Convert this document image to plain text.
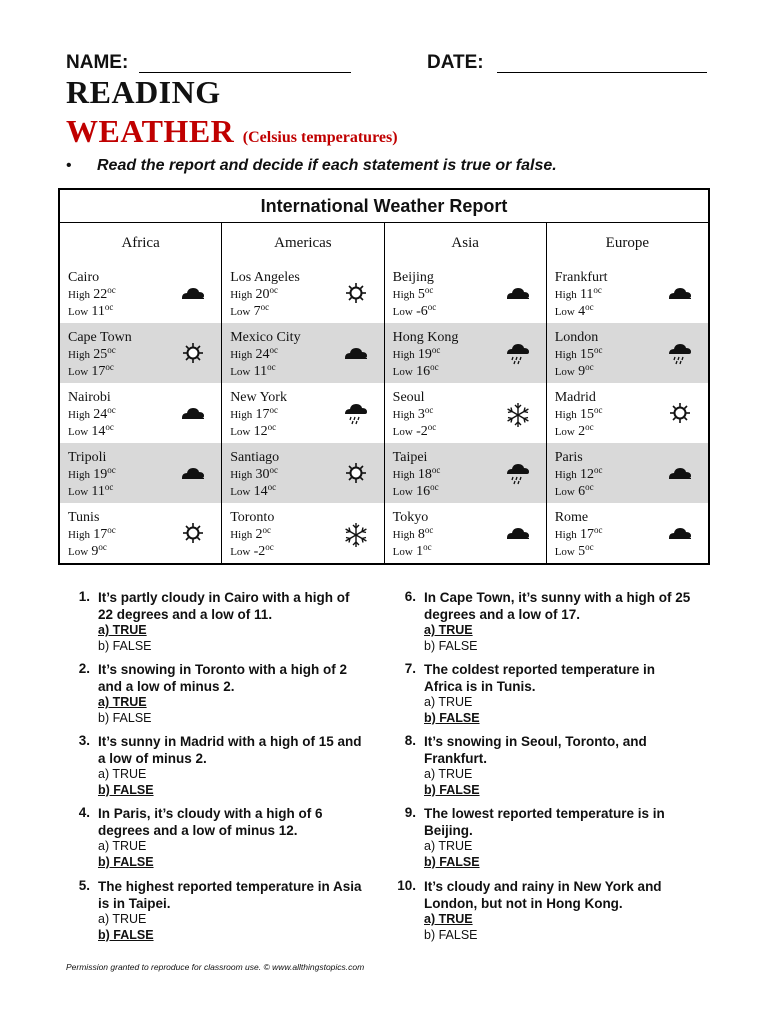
NAME:	DATE:
READING
WEATHER (Celsius temperatures)
• Read the report and decide if each statement is true or false.
International Weather Report			
Africa	Americas	Asia	Europe

Cairo
High $22^{oc}$
Low $11^{oc}$	Los Angeles
High $20^{oc}$
Low $7^{oc}$	Beijing
High $5^{oc}$
Low $-6^{oc}$	Frankfurt
High $11^{oc}$
Low $4^{oc}$

Cape Town
High $25^{oc}$
Low $17^{oc}$	Mexico City
High $24^{oc}$
Low $11^{oc}$	Hong Kong
High $19^{oc}$
Low $16^{oc}$	London
High $15^{oc}$
Low $9^{oc}$

Nairobi
High $24^{oc}$
Low $14^{oc}$	New York
High $17^{oc}$
Low $12^{oc}$	Seoul
High $3^{oc}$
Low $-2^{oc}$	Madrid
High $15^{oc}$
Low $2^{oc}$

Tripoli
High $19^{oc}$
Low $11^{oc}$	Santiago
High $30^{oc}$
Low $14^{oc}$	Taipei
High $18^{oc}$
Low $16^{oc}$	Paris
High $12^{oc}$
Low $6^{oc}$

Tunis
High $17^{oc}$
Low $9^{oc}$	Toronto
High $2^{oc}$
Low $-2^{oc}$	Tokyo
High $8^{oc}$
Low $1^{oc}$	Rome
High $17^{oc}$
Low $5^{oc}$
1. It’s partly cloudy in Cairo with a high of 22 degrees and a low of 11.
a) TRUE
b) FALSE
2. It’s snowing in Toronto with a high of 2 and a low of minus 2.
a) TRUE
b) FALSE
3. It’s sunny in Madrid with a high of 15 and a low of minus 2.
a) TRUE
b) FALSE
4. In Paris, it’s cloudy with a high of 6 degrees and a low of minus 12.
a) TRUE
b) FALSE
5. The highest reported temperature in Asia is in Taipei.
a) TRUE
b) FALSE
6. In Cape Town, it’s sunny with a high of 25 degrees and a low of 17.
a) TRUE
b) FALSE
7. The coldest reported temperature in Africa is in Tunis.
a) TRUE
b) FALSE
8. It’s snowing in Seoul, Toronto, and Frankfurt.
a) TRUE
b) FALSE
9. The lowest reported temperature is in Beijing.
a) TRUE
b) FALSE
10. It’s cloudy and rainy in New York and London, but not in Hong Kong.
a) TRUE
b) FALSE
Permission granted to reproduce for classroom use. © www.allthingstopics.com
